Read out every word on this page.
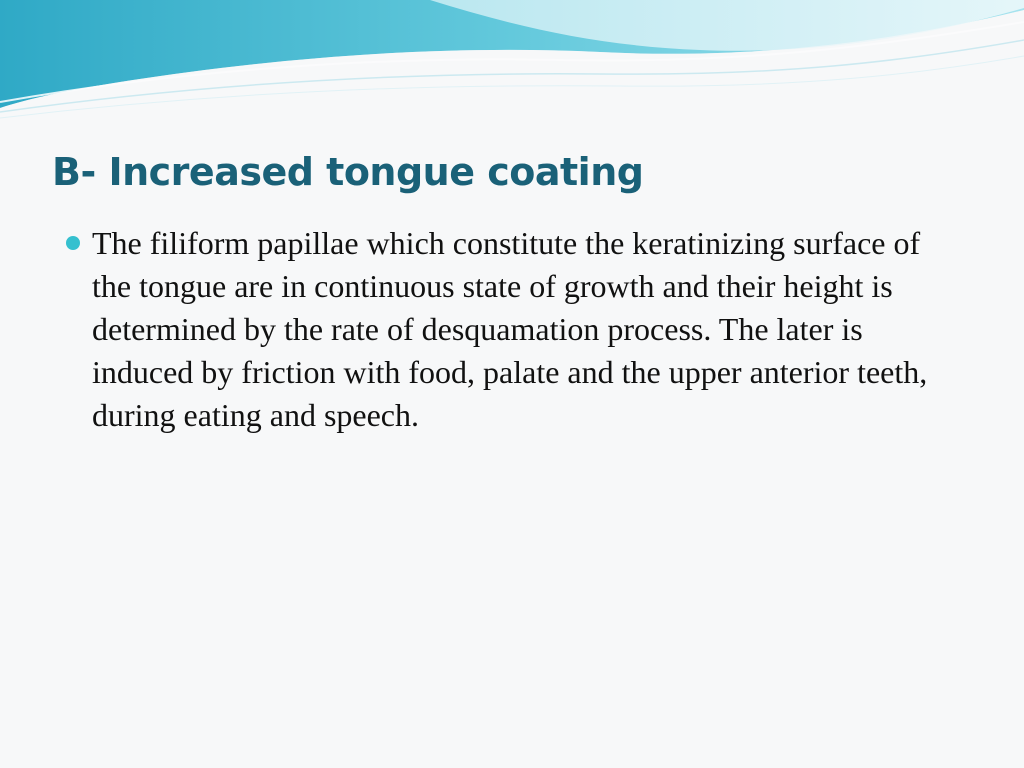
B- Increased tongue coating
The filiform papillae which constitute the keratinizing surface of the tongue are in continuous state of growth and their height is determined by the rate of desquamation process. The later is induced by friction with food, palate and the upper anterior teeth, during eating and speech.
